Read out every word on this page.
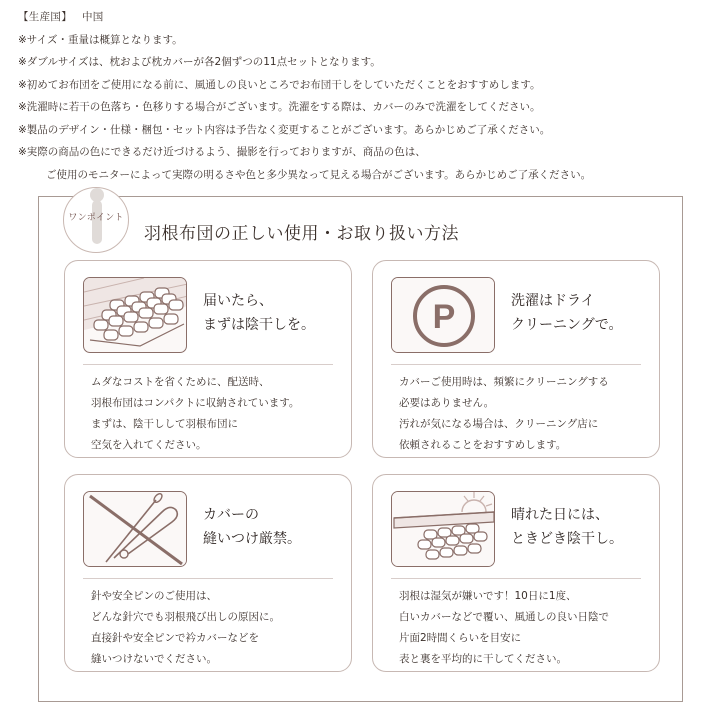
【生産国】 中国
※サイズ・重量は概算となります。
※ダブルサイズは、枕および枕カバーが各2個ずつの11点セットとなります。
※初めてお布団をご使用になる前に、風通しの良いところでお布団干しをしていただくことをおすすめします。
※洗濯時に若干の色落ち・色移りする場合がございます。洗濯をする際は、カバーのみで洗濯をしてください。
※製品のデザイン・仕様・梱包・セット内容は予告なく変更することがございます。あらかじめご了承ください。
※実際の商品の色にできるだけ近づけるよう、撮影を行っておりますが、商品の色は、
ご使用のモニターによって実際の明るさや色と多少異なって見える場合がございます。あらかじめご了承ください。
ワンポイント
羽根布団の正しい使用・お取り扱い方法
届いたら、
まずは陰干しを。
ムダなコストを省くために、配送時、
羽根布団はコンパクトに収納されています。
まずは、陰干しして羽根布団に
空気を入れてください。
P	洗濯はドライ
クリーニングで。
カバーご使用時は、頻繁にクリーニングする
必要はありません。
汚れが気になる場合は、クリーニング店に
依頼されることをおすすめします。
カバーの
縫いつけ厳禁。
針や安全ピンのご使用は、
どんな針穴でも羽根飛び出しの原因に。
直接針や安全ピンで衿カバーなどを
縫いつけないでください。
晴れた日には、
ときどき陰干し。
羽根は湿気が嫌いです！10日に1度、
白いカバーなどで覆い、風通しの良い日陰で
片面2時間くらいを目安に
表と裏を平均的に干してください。
